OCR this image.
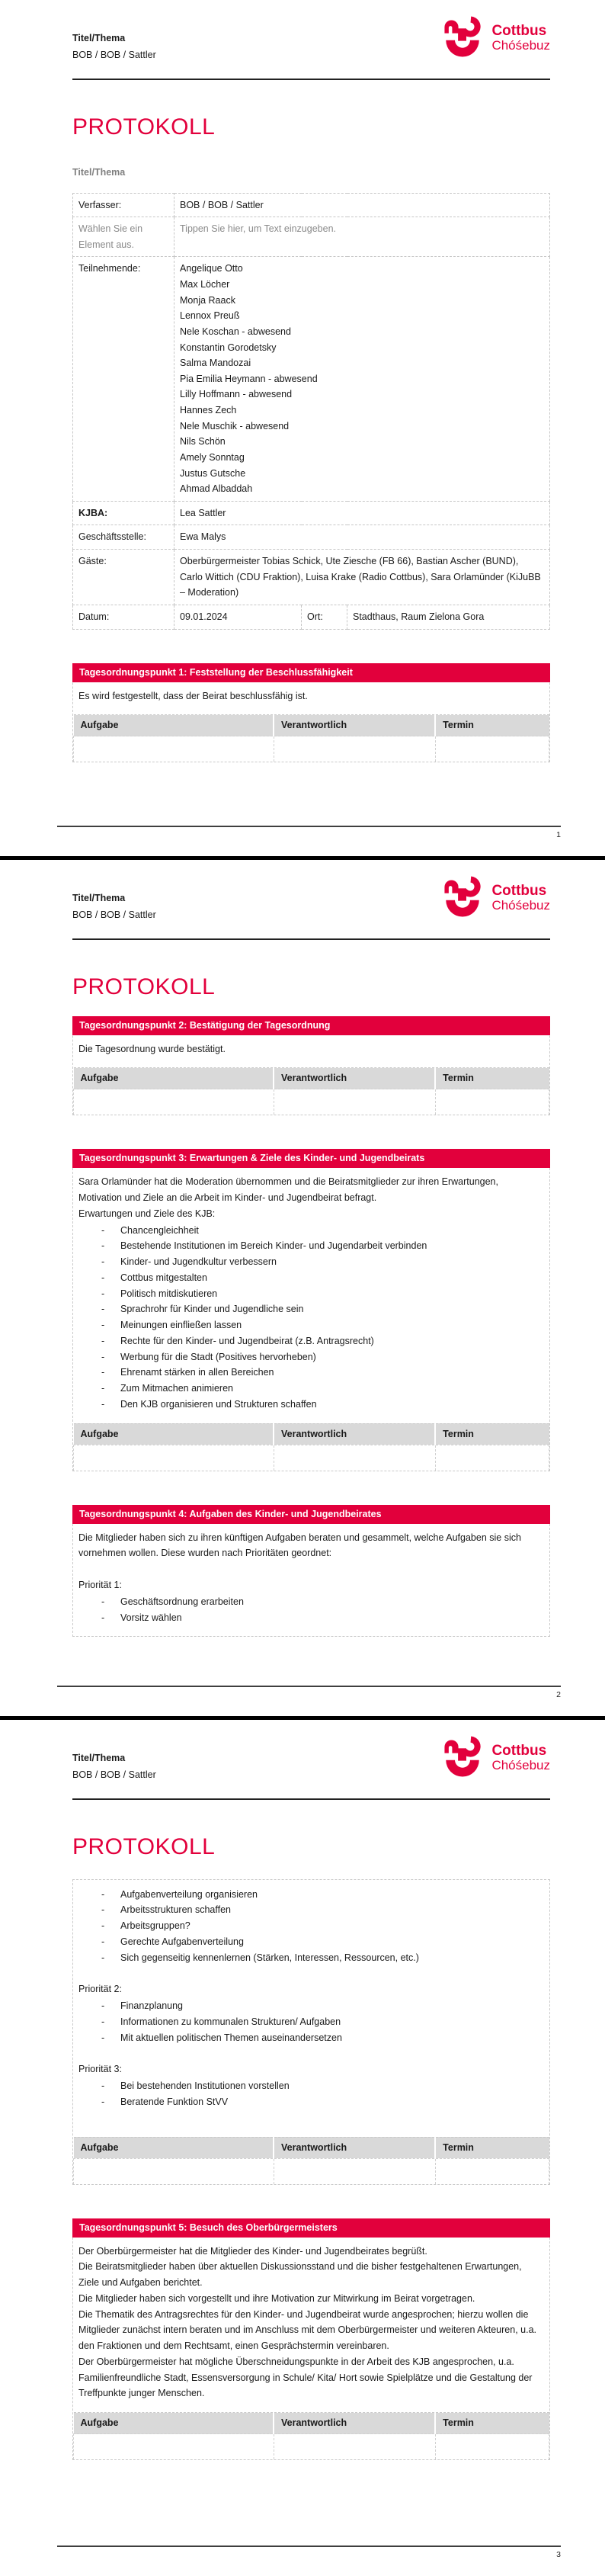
Titel/Thema
BOB / BOB / Sattler
Cottbus
Chóśebuz
PROTOKOLL
Titel/Thema
Verfasser:	BOB / BOB / Sattler		
Wählen Sie ein Element aus.	Tippen Sie hier, um Text einzugeben.		
Teilnehmende:	Angelique Otto
Max Löcher
Monja Raack
Lennox Preuß
Nele Koschan - abwesend
Konstantin Gorodetsky
Salma Mandozai
Pia Emilia Heymann - abwesend
Lilly Hoffmann - abwesend
Hannes Zech
Nele Muschik - abwesend
Nils Schön
Amely Sonntag
Justus Gutsche
Ahmad Albaddah

KJBA:	Lea Sattler		
Geschäftsstelle:	Ewa Malys		
Gäste:	Oberbürgermeister Tobias Schick, Ute Ziesche (FB 66), Bastian Ascher (BUND), Carlo Wittich (CDU Fraktion), Luisa Krake (Radio Cottbus), Sara Orlamünder (KiJuBB – Moderation)		
Datum:	09.01.2024	Ort:	Stadthaus, Raum Zielona Gora
Tagesordnungspunkt 1: Feststellung der Beschlussfähigkeit

Es wird festgestellt, dass der Beirat beschlussfähig ist.

Aufgabe	Verantwortlich	Termin

1
Titel/Thema
BOB / BOB / Sattler
Cottbus
Chóśebuz
PROTOKOLL
Tagesordnungspunkt 2: Bestätigung der Tagesordnung

Die Tagesordnung wurde bestätigt.

Aufgabe	Verantwortlich	Termin

Tagesordnungspunkt 3: Erwartungen & Ziele des Kinder- und Jugendbeirats

Sara Orlamünder hat die Moderation übernommen und die Beiratsmitglieder zur ihren Erwartungen, Motivation und Ziele an die Arbeit im Kinder- und Jugendbeirat befragt.

Erwartungen und Ziele des KJB:

-	Chancengleichheit
-	Bestehende Institutionen im Bereich Kinder- und Jugendarbeit verbinden
-	Kinder- und Jugendkultur verbessern
-	Cottbus mitgestalten
-	Politisch mitdiskutieren
-	Sprachrohr für Kinder und Jugendliche sein
-	Meinungen einfließen lassen
-	Rechte für den Kinder- und Jugendbeirat (z.B. Antragsrecht)
-	Werbung für die Stadt (Positives hervorheben)
-	Ehrenamt stärken in allen Bereichen
-	Zum Mitmachen animieren
-	Den KJB organisieren und Strukturen schaffen
Aufgabe	Verantwortlich	Termin

Tagesordnungspunkt 4: Aufgaben des Kinder- und Jugendbeirates

Die Mitglieder haben sich zu ihren künftigen Aufgaben beraten und gesammelt, welche Aufgaben sie sich vornehmen wollen. Diese wurden nach Prioritäten geordnet:

Priorität 1:

-	Geschäftsordnung erarbeiten
-	Vorsitz wählen
2
Titel/Thema
BOB / BOB / Sattler
Cottbus
Chóśebuz
PROTOKOLL
-	Aufgabenverteilung organisieren
-	Arbeitsstrukturen schaffen
-	Arbeitsgruppen?
-	Gerechte Aufgabenverteilung
-	Sich gegenseitig kennenlernen (Stärken, Interessen, Ressourcen, etc.)

Priorität 2:

-	Finanzplanung
-	Informationen zu kommunalen Strukturen/ Aufgaben
-	Mit aktuellen politischen Themen auseinandersetzen

Priorität 3:

-	Bei bestehenden Institutionen vorstellen
-	Beratende Funktion StVV
Aufgabe	Verantwortlich	Termin

Tagesordnungspunkt 5: Besuch des Oberbürgermeisters

Der Oberbürgermeister hat die Mitglieder des Kinder- und Jugendbeirates begrüßt.

Die Beiratsmitglieder haben über aktuellen Diskussionsstand und die bisher festgehaltenen Erwartungen, Ziele und Aufgaben berichtet.

Die Mitglieder haben sich vorgestellt und ihre Motivation zur Mitwirkung im Beirat vorgetragen.

Die Thematik des Antragsrechtes für den Kinder- und Jugendbeirat wurde angesprochen; hierzu wollen die Mitglieder zunächst intern beraten und im Anschluss mit dem Oberbürgermeister und weiteren Akteuren, u.a. den Fraktionen und dem Rechtsamt, einen Gesprächstermin vereinbaren.

Der Oberbürgermeister hat mögliche Überschneidungspunkte in der Arbeit des KJB angesprochen, u.a. Familienfreundliche Stadt, Essensversorgung in Schule/ Kita/ Hort sowie Spielplätze und die Gestaltung der Treffpunkte junger Menschen.

Aufgabe	Verantwortlich	Termin

3
